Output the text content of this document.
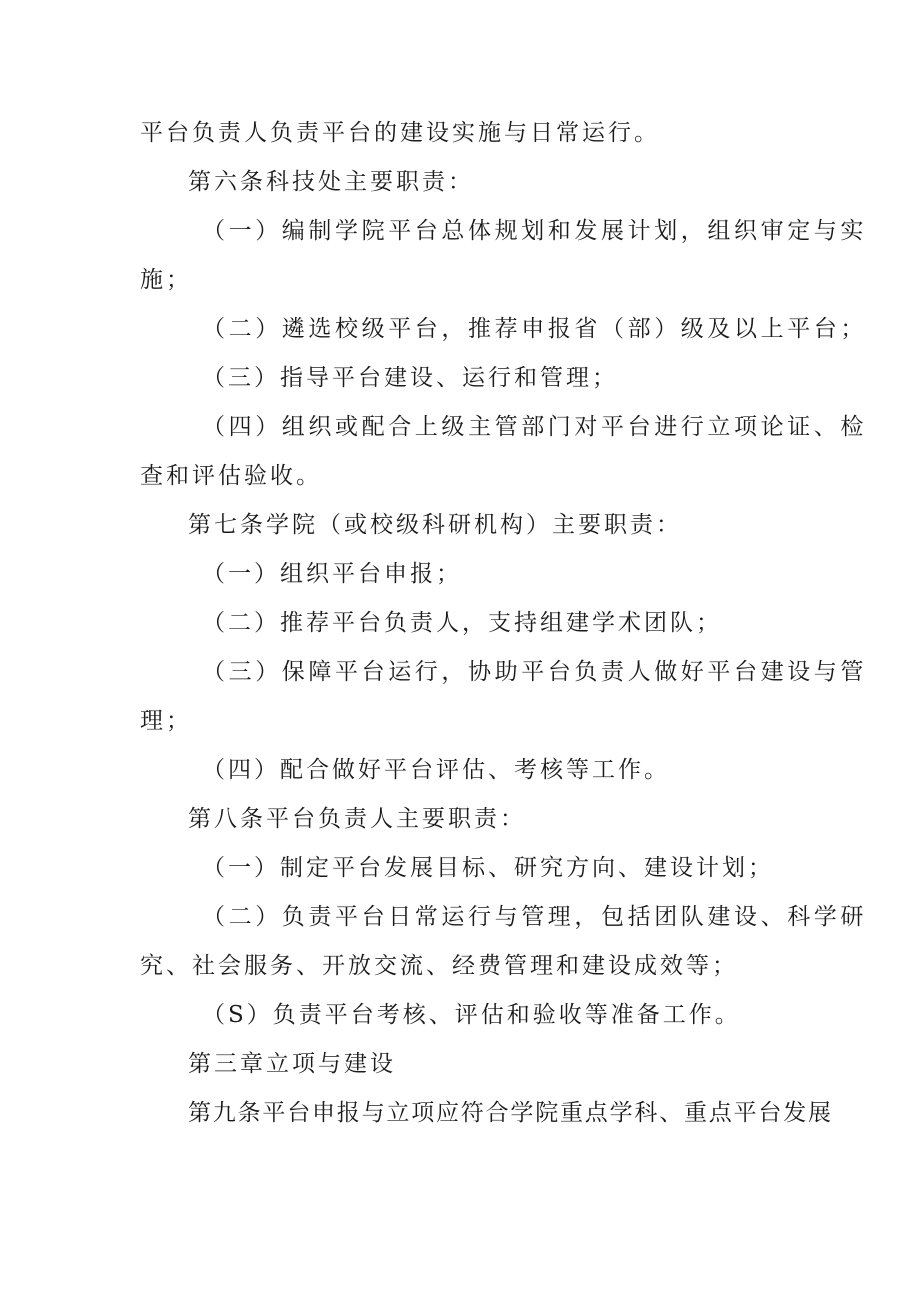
平台负责人负责平台的建设实施与日常运行。

第六条科技处主要职责：

（一）编制学院平台总体规划和发展计划，组织审定与实

施；

（二）遴选校级平台，推荐申报省（部）级及以上平台；

（三）指导平台建设、运行和管理；

（四）组织或配合上级主管部门对平台进行立项论证、检

查和评估验收。

第七条学院（或校级科研机构）主要职责：

（一）组织平台申报；

（二）推荐平台负责人，支持组建学术团队；

（三）保障平台运行，协助平台负责人做好平台建设与管

理；

（四）配合做好平台评估、考核等工作。

第八条平台负责人主要职责：

（一）制定平台发展目标、研究方向、建设计划；

（二）负责平台日常运行与管理，包括团队建设、科学研

究、社会服务、开放交流、经费管理和建设成效等；

（S）负责平台考核、评估和验收等准备工作。

第三章立项与建设

第九条平台申报与立项应符合学院重点学科、重点平台发展
